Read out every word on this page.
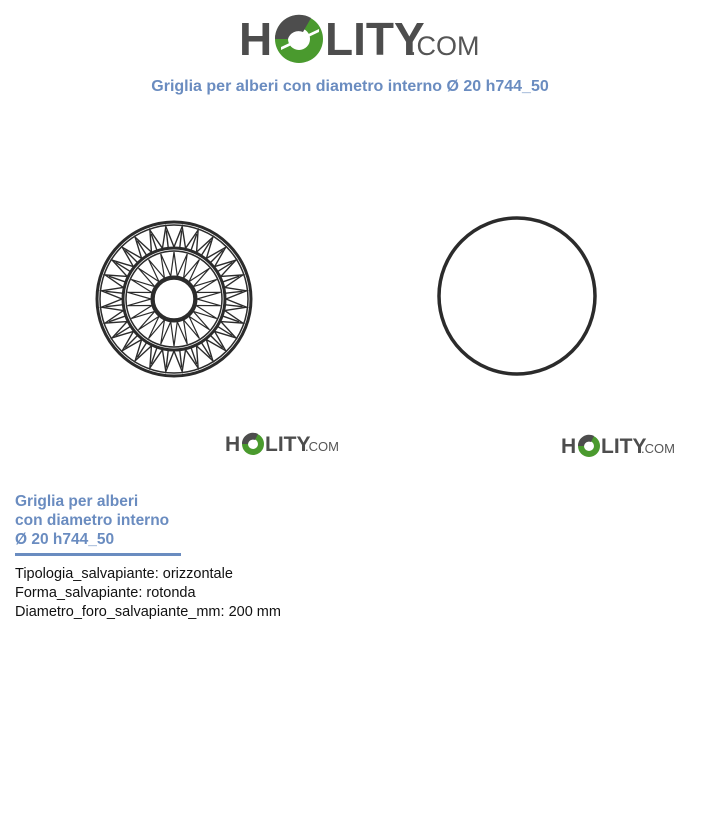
H LITY
.COM
Griglia per alberi con diametro interno Ø 20 h744_50
H LITY
.COM	H LITY
.COM
Griglia per alberi
con diametro interno
Ø 20 h744_50
Tipologia_salvapiante: orizzontale
Forma_salvapiante: rotonda
Diametro_foro_salvapiante_mm: 200 mm
